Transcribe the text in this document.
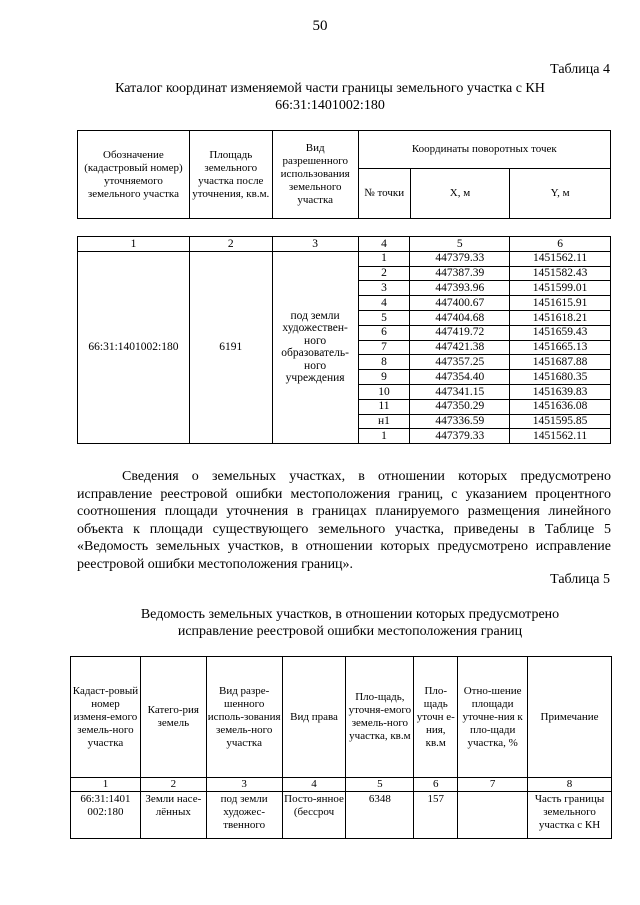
50
Таблица 4
Каталог координат изменяемой части границы земельного участка с КН
66:31:1401002:180
Обозначение (кадастровый номер) уточняемого земельного участка	Площадь земельного участка после уточнения, кв.м.	Вид разрешенного использования земельного участка	Координаты поворотных точек		
			№ точки	X, м	Y, м
1	2	3	4	5	6
66:31:1401002:180	6191	под земли художествен-ного образователь-ного учреждения	1	447379.33	1451562.11
			2	447387.39	1451582.43
			3	447393.96	1451599.01
			4	447400.67	1451615.91
			5	447404.68	1451618.21
			6	447419.72	1451659.43
			7	447421.38	1451665.13
			8	447357.25	1451687.88
			9	447354.40	1451680.35
			10	447341.15	1451639.83
			11	447350.29	1451636.08
			н1	447336.59	1451595.85
			1	447379.33	1451562.11
Сведения о земельных участках, в отношении которых предусмотрено исправление реестровой ошибки местоположения границ, с указанием процентного соотношения площади уточнения в границах планируемого размещения линейного объекта к площади существующего земельного участка, приведены в Таблице 5 «Ведомость земельных участков, в отношении которых предусмотрено исправление реестровой ошибки местоположения границ».
Таблица 5
Ведомость земельных участков, в отношении которых предусмотрено
исправление реестровой ошибки местоположения границ
Кадаст-ровый номер изменя-емого земель-ного участка	Катего-рия земель	Вид разре-шенного исполь-зования земель-ного участка	Вид права	Пло-щадь, уточня-емого земель-ного участка, кв.м	Пло-щадь уточн е-ния, кв.м	Отно-шение площади уточне-ния к пло-щади участка, %	Примечание
1	2	3	4	5	6	7	8
66:31:1401 002:180	Земли насе-лённых	под земли художес-твенного	Посто-янное (бессроч	6348	157		Часть границы земельного участка с КН
